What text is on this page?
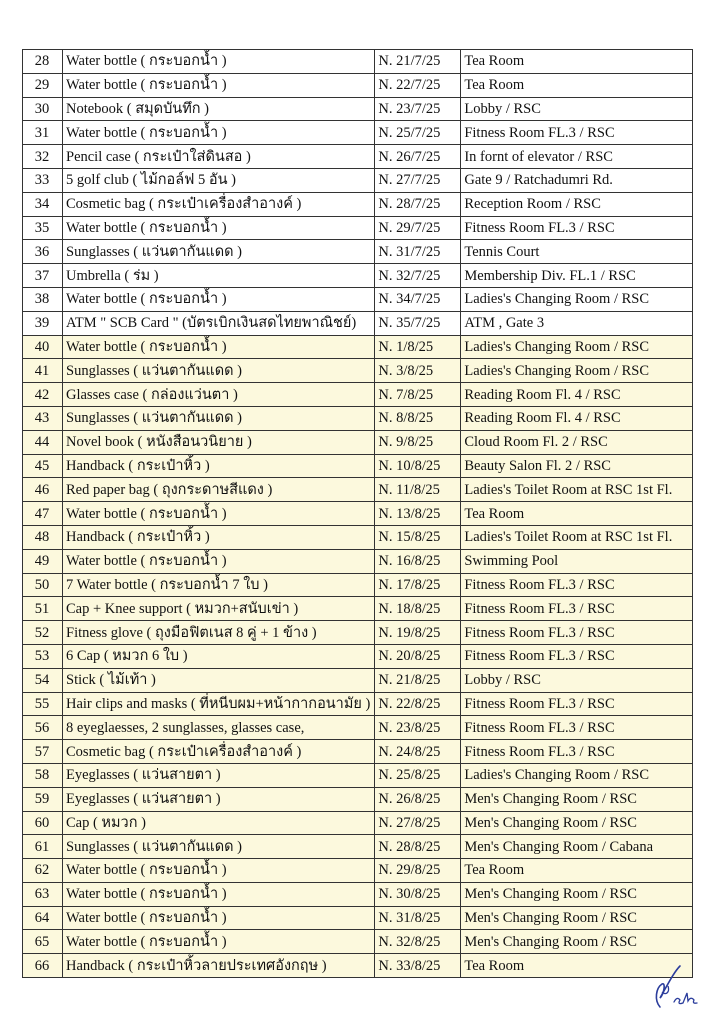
28	Water bottle ( กระบอกน้ำ )	N. 21/7/25	Tea Room
29	Water bottle ( กระบอกน้ำ )	N. 22/7/25	Tea Room
30	Notebook ( สมุดบันทึก )	N. 23/7/25	Lobby / RSC
31	Water bottle ( กระบอกน้ำ )	N. 25/7/25	Fitness Room FL.3 / RSC
32	Pencil case ( กระเป๋าใส่ดินสอ )	N. 26/7/25	In fornt of elevator / RSC
33	5 golf club ( ไม้กอล์ฟ 5 อัน )	N. 27/7/25	Gate 9 / Ratchadumri Rd.
34	Cosmetic bag ( กระเป๋าเครื่องสำอางค์ )	N. 28/7/25	Reception Room / RSC
35	Water bottle ( กระบอกน้ำ )	N. 29/7/25	Fitness Room FL.3 / RSC
36	Sunglasses ( แว่นตากันแดด )	N. 31/7/25	Tennis Court
37	Umbrella ( ร่ม )	N. 32/7/25	Membership Div. FL.1 / RSC
38	Water bottle ( กระบอกน้ำ )	N. 34/7/25	Ladies's Changing Room / RSC
39	ATM " SCB Card " (บัตรเบิกเงินสดไทยพาณิชย์)	N. 35/7/25	ATM , Gate 3
40	Water bottle ( กระบอกน้ำ )	N. 1/8/25	Ladies's Changing Room / RSC
41	Sunglasses ( แว่นตากันแดด )	N. 3/8/25	Ladies's Changing Room / RSC
42	Glasses case ( กล่องแว่นตา )	N. 7/8/25	Reading Room Fl. 4 / RSC
43	Sunglasses ( แว่นตากันแดด )	N. 8/8/25	Reading Room Fl. 4 / RSC
44	Novel book ( หนังสือนวนิยาย )	N. 9/8/25	Cloud Room Fl. 2 / RSC
45	Handback ( กระเป๋าหิ้ว )	N. 10/8/25	Beauty Salon Fl. 2 / RSC
46	Red paper bag ( ถุงกระดาษสีแดง )	N. 11/8/25	Ladies's Toilet Room at RSC 1st Fl.
47	Water bottle ( กระบอกน้ำ )	N. 13/8/25	Tea Room
48	Handback ( กระเป๋าหิ้ว )	N. 15/8/25	Ladies's Toilet Room at RSC 1st Fl.
49	Water bottle ( กระบอกน้ำ )	N. 16/8/25	Swimming Pool
50	7 Water bottle ( กระบอกน้ำ 7 ใบ )	N. 17/8/25	Fitness Room FL.3 / RSC
51	Cap + Knee support ( หมวก+สนับเข่า )	N. 18/8/25	Fitness Room FL.3 / RSC
52	Fitness glove ( ถุงมือฟิตเนส 8 คู่ + 1 ข้าง )	N. 19/8/25	Fitness Room FL.3 / RSC
53	6 Cap ( หมวก 6 ใบ )	N. 20/8/25	Fitness Room FL.3 / RSC
54	Stick ( ไม้เท้า )	N. 21/8/25	Lobby / RSC
55	Hair clips and masks ( ที่หนีบผม+หน้ากากอนามัย )	N. 22/8/25	Fitness Room FL.3 / RSC
56	8 eyeglaesses, 2 sunglasses, glasses case,	N. 23/8/25	Fitness Room FL.3 / RSC
57	Cosmetic bag ( กระเป๋าเครื่องสำอางค์ )	N. 24/8/25	Fitness Room FL.3 / RSC
58	Eyeglasses ( แว่นสายตา )	N. 25/8/25	Ladies's Changing Room / RSC
59	Eyeglasses ( แว่นสายตา )	N. 26/8/25	Men's Changing Room / RSC
60	Cap ( หมวก )	N. 27/8/25	Men's Changing Room / RSC
61	Sunglasses ( แว่นตากันแดด )	N. 28/8/25	Men's Changing Room / Cabana
62	Water bottle ( กระบอกน้ำ )	N. 29/8/25	Tea Room
63	Water bottle ( กระบอกน้ำ )	N. 30/8/25	Men's Changing Room / RSC
64	Water bottle ( กระบอกน้ำ )	N. 31/8/25	Men's Changing Room / RSC
65	Water bottle ( กระบอกน้ำ )	N. 32/8/25	Men's Changing Room / RSC
66	Handback ( กระเป๋าหิ้วลายประเทศอังกฤษ )	N. 33/8/25	Tea Room
